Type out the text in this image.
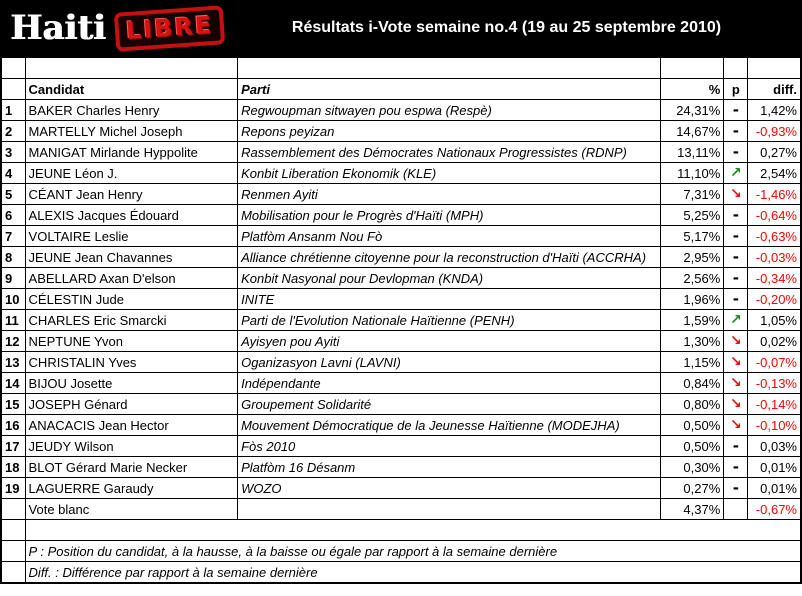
Haiti LIBRE	Résultats i-Vote semaine no.4 (19 au 25 septembre 2010)

	Candidat	Parti	%	p	diff.
1	BAKER Charles Henry	Regwoupman sitwayen pou espwa (Respè)	24,31%	-	1,42%
2	MARTELLY Michel Joseph	Repons peyizan	14,67%	-	-0,93%
3	MANIGAT Mirlande Hyppolite	Rassemblement des Démocrates Nationaux Progressistes (RDNP)	13,11%	-	0,27%
4	JEUNE Léon J.	Konbit Liberation Ekonomik (KLE)	11,10%	↗	2,54%
5	CÉANT Jean Henry	Renmen Ayiti	7,31%	↘	-1,46%
6	ALEXIS Jacques Édouard	Mobilisation pour le Progrès d'Haïti (MPH)	5,25%	-	-0,64%
7	VOLTAIRE Leslie	Platfòm Ansanm Nou Fò	5,17%	-	-0,63%
8	JEUNE Jean Chavannes	Alliance chrétienne citoyenne pour la reconstruction d'Haïti (ACCRHA)	2,95%	-	-0,03%
9	ABELLARD Axan D'elson	Konbit Nasyonal pour Devlopman (KNDA)	2,56%	-	-0,34%
10	CÉLESTIN Jude	INITE	1,96%	-	-0,20%
11	CHARLES Eric Smarcki	Parti de l'Evolution Nationale Haïtienne (PENH)	1,59%	↗	1,05%
12	NEPTUNE Yvon	Ayisyen pou Ayiti	1,30%	↘	0,02%
13	CHRISTALIN Yves	Oganizasyon Lavni (LAVNI)	1,15%	↘	-0,07%
14	BIJOU Josette	Indépendante	0,84%	↘	-0,13%
15	JOSEPH Génard	Groupement Solidarité	0,80%	↘	-0,14%
16	ANACACIS Jean Hector	Mouvement Démocratique de la Jeunesse Haïtienne (MODEJHA)	0,50%	↘	-0,10%
17	JEUDY Wilson	Fòs 2010	0,50%	-	0,03%
18	BLOT Gérard Marie Necker	Platfòm 16 Désanm	0,30%	-	0,01%
19	LAGUERRE Garaudy	WOZO	0,27%	-	0,01%
	Vote blanc		4,37%		-0,67%

	P : Position du candidat, à la hausse, à la baisse ou égale par rapport à la semaine dernière				
	Diff. : Différence par rapport à la semaine dernière				
